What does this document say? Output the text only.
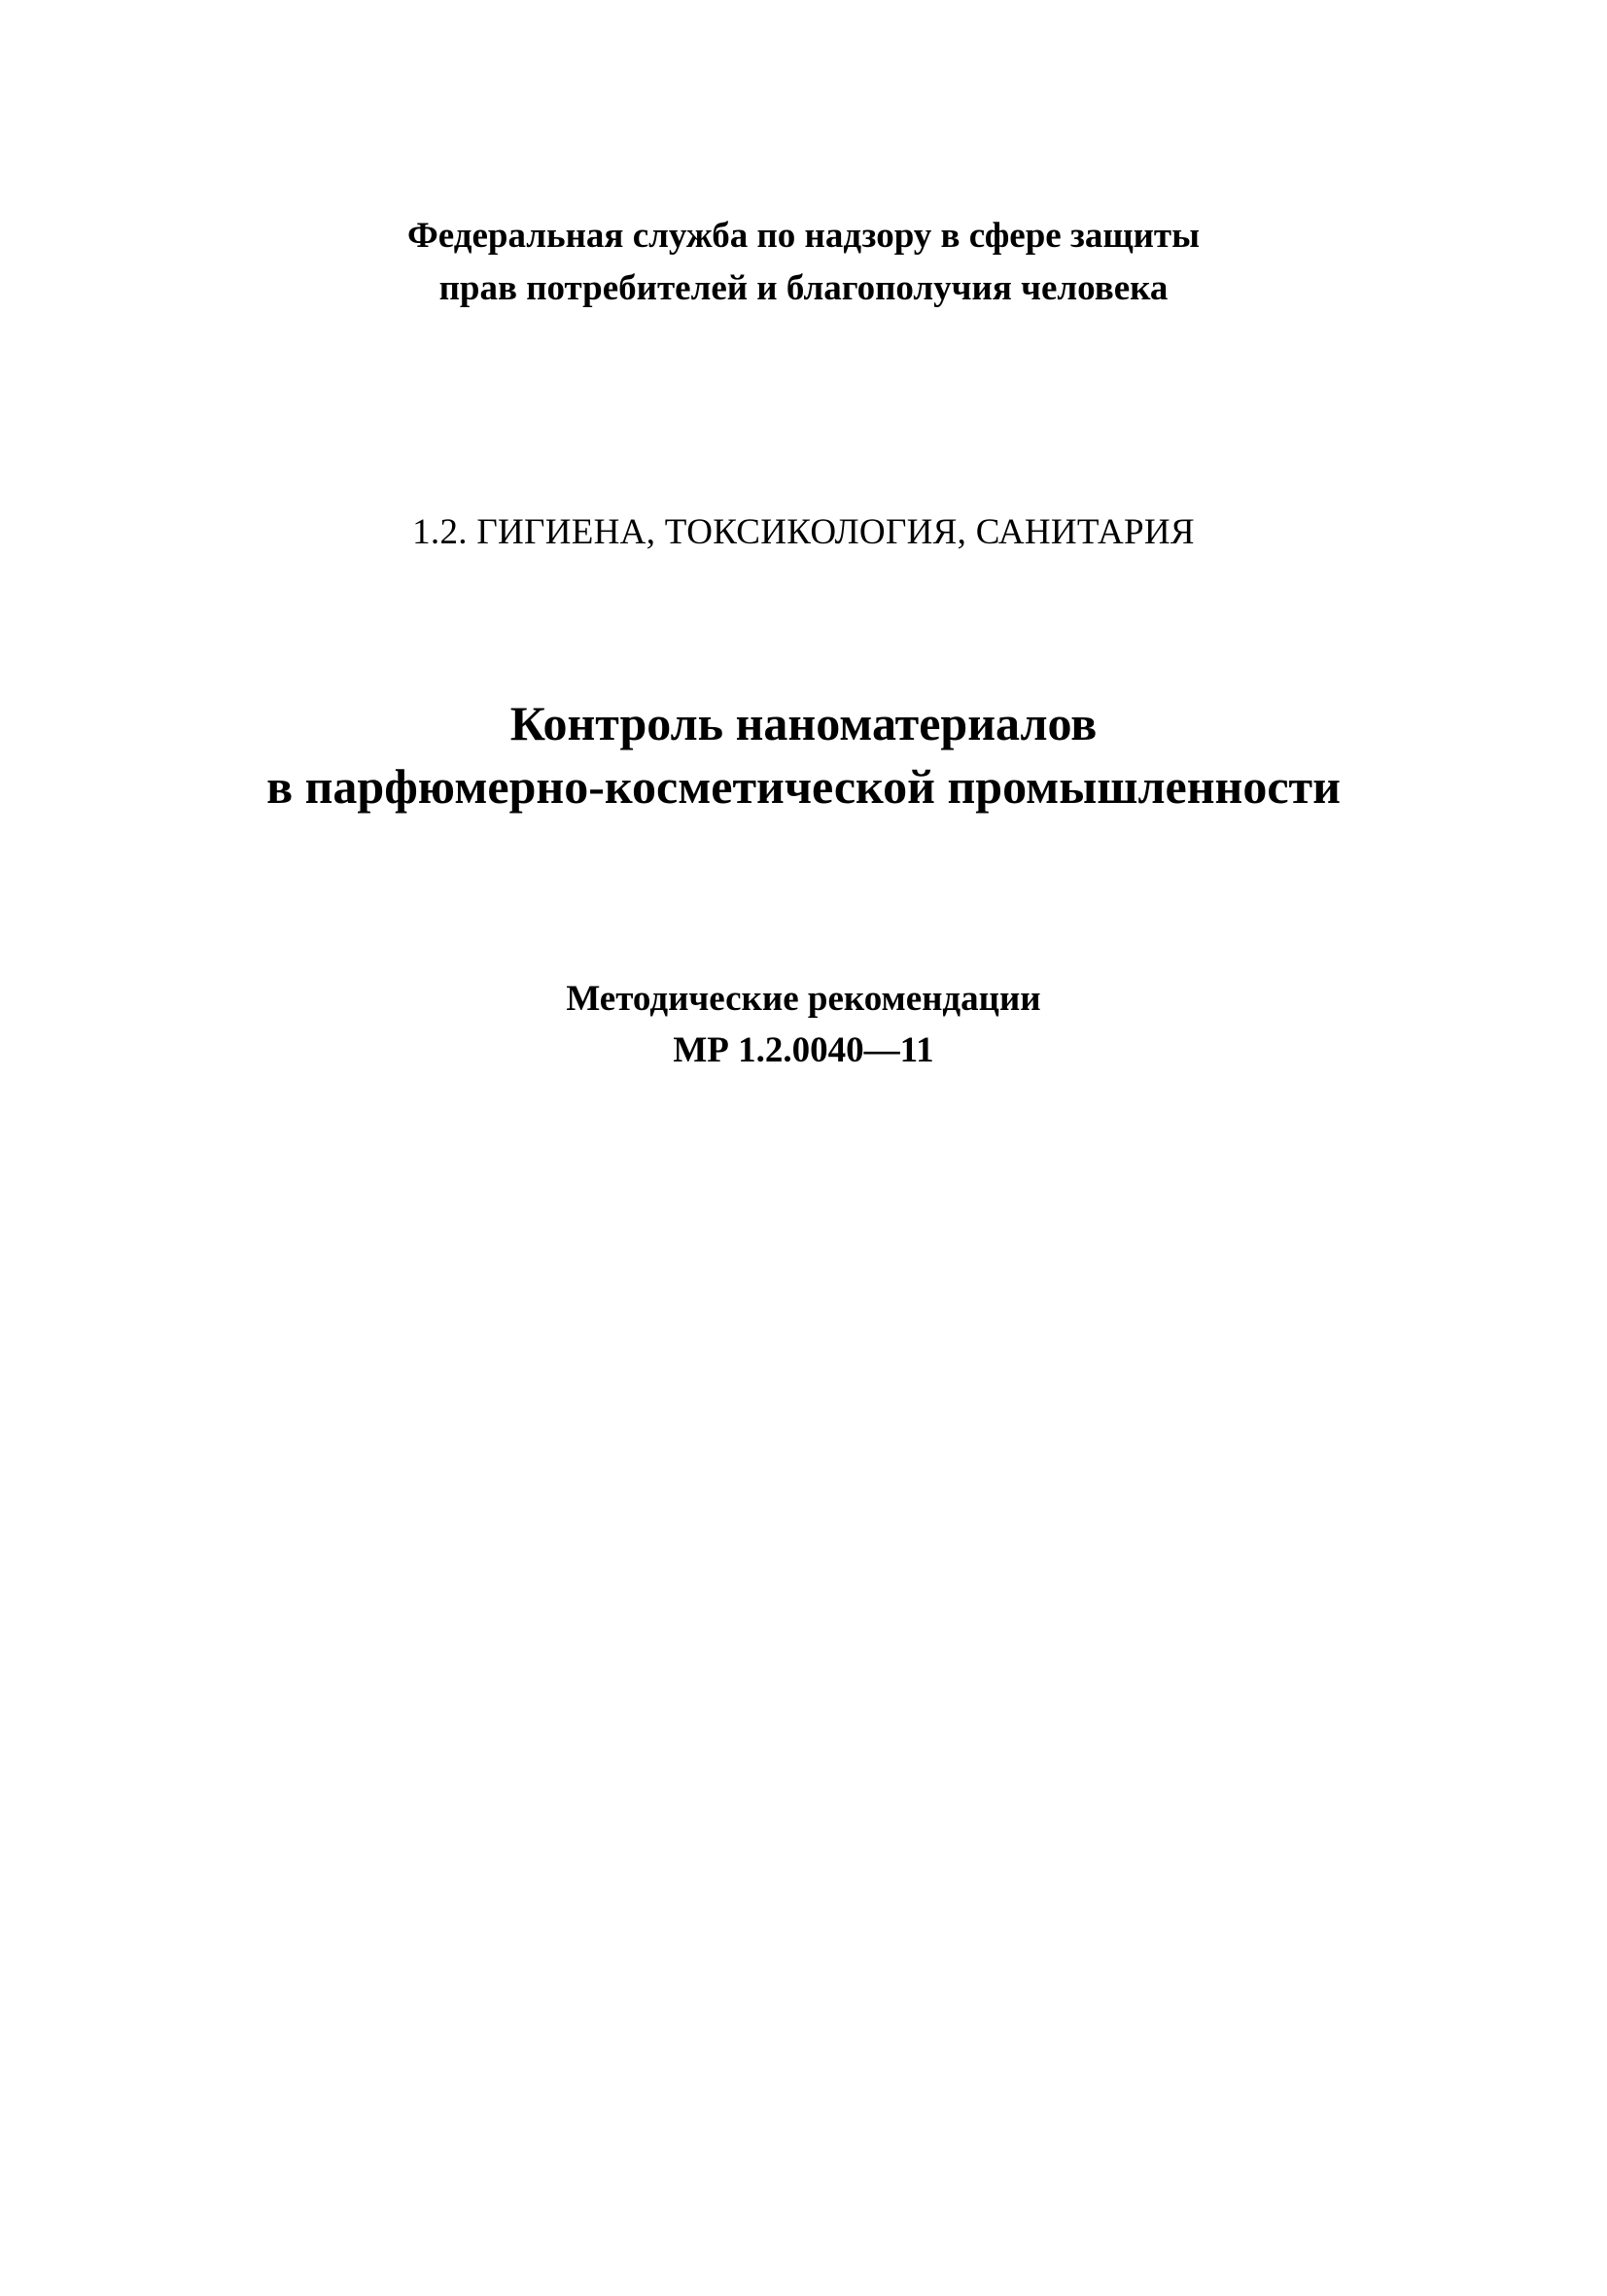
Федеральная служба по надзору в сфере защиты
прав потребителей и благополучия человека
1.2. ГИГИЕНА, ТОКСИКОЛОГИЯ, САНИТАРИЯ
Контроль наноматериалов
в парфюмерно-косметической промышленности
Методические рекомендации
МР 1.2.0040—11
